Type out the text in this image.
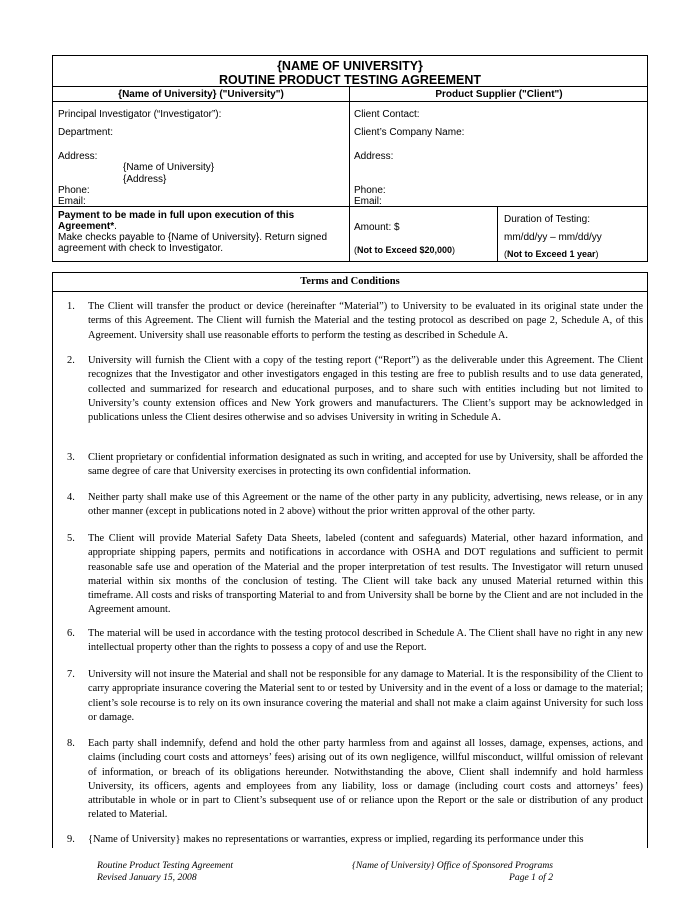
{NAME OF UNIVERSITY}
ROUTINE PRODUCT TESTING AGREEMENT
{Name of University} ("University")	Product Supplier ("Client")
Principal Investigator (“Investigator”):
Department:
Address:
{Name of University}
{Address}
Phone:
Email:
Client Contact:
Client’s Company Name:
Address:
Phone:
Email:
Payment to be made in full upon execution of this
Agreement*.
Make checks payable to {Name of University}. Return signed
agreement with check to Investigator.
Amount: $
(Not to Exceed $20,000)
Duration of Testing:
mm/dd/yy – mm/dd/yy
(Not to Exceed 1 year)
Terms and Conditions
1. The Client will transfer the product or device (hereinafter “Material”) to University to be evaluated in its original state under the terms of this Agreement. The Client will furnish the Material and the testing protocol as described on page 2, Schedule A, of this Agreement. University shall use reasonable efforts to perform the testing as described in Schedule A.
2. University will furnish the Client with a copy of the testing report (“Report”) as the deliverable under this Agreement. The Client recognizes that the Investigator and other investigators engaged in this testing are free to publish results and to use data generated, collected and summarized for research and educational purposes, and to share such with entities including but not limited to University’s county extension offices and New York growers and manufacturers. The Client’s support may be acknowledged in publications unless the Client desires otherwise and so advises University in writing in Schedule A.
3. Client proprietary or confidential information designated as such in writing, and accepted for use by University, shall be afforded the same degree of care that University exercises in protecting its own confidential information.
4. Neither party shall make use of this Agreement or the name of the other party in any publicity, advertising, news release, or in any other manner (except in publications noted in 2 above) without the prior written approval of the other party.
5. The Client will provide Material Safety Data Sheets, labeled (content and safeguards) Material, other hazard information, and appropriate shipping papers, permits and notifications in accordance with OSHA and DOT regulations and sufficient to permit reasonable safe use and operation of the Material and the proper interpretation of test results. The Investigator will return unused material within six months of the conclusion of testing. The Client will take back any unused Material returned within this timeframe. All costs and risks of transporting Material to and from University shall be borne by the Client and are not included in the Agreement amount.
6. The material will be used in accordance with the testing protocol described in Schedule A. The Client shall have no right in any new intellectual property other than the rights to possess a copy of and use the Report.
7. University will not insure the Material and shall not be responsible for any damage to Material. It is the responsibility of the Client to carry appropriate insurance covering the Material sent to or tested by University and in the event of a loss or damage to the material; client’s sole recourse is to rely on its own insurance covering the material and shall not make a claim against University for such loss or damage.
8. Each party shall indemnify, defend and hold the other party harmless from and against all losses, damage, expenses, actions, and claims (including court costs and attorneys’ fees) arising out of its own negligence, willful misconduct, willful omission of relevant of information, or breach of its obligations hereunder. Notwithstanding the above, Client shall indemnify and hold harmless University, its officers, agents and employees from any liability, loss or damage (including court costs and attorneys’ fees) attributable in whole or in part to Client’s subsequent use of or reliance upon the Report or the sale or distribution of any product related to Material.
9. {Name of University} makes no representations or warranties, express or implied, regarding its performance under this
Routine Product Testing Agreement
Revised January 15, 2008
{Name of University} Office of Sponsored Programs
Page 1 of 2
